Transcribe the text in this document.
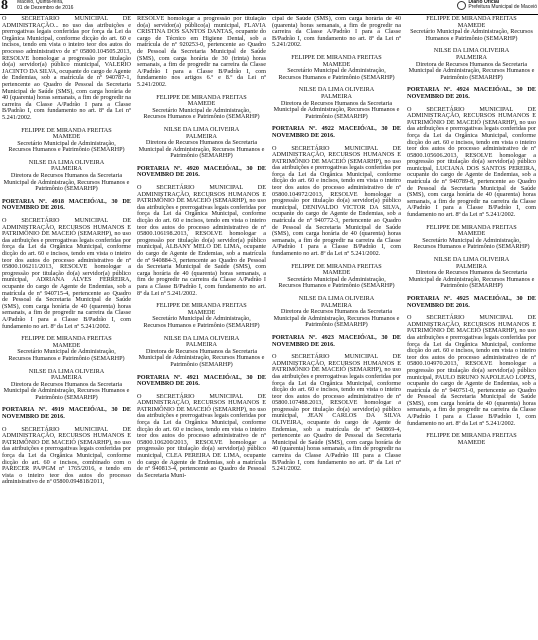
8 Maceió, Quinta-feira,
01 de Dezembro de 2016
Diário Oficial
Prefeitura Municipal de Maceió

O SECRETÁRIO MUNICIPAL DE ADMINISTRAÇÃO... no uso das atribuições e prerrogativas legais conferidas por força da Lei da Orgânica Municipal, conforme dicção do art. 60 e incisos, tendo em vista o inteiro teor dos autos do processo administrativo de nº 05800.104505.2013, RESOLVE homologar a progressão por titulação do(a) servidor(a) público municipal, VALERIO JACINTO DA SILVA, ocupante do cargo de Agente de Endemias, sob a matrícula de nº 940787-1, pertencente ao Quadro de Pessoal da Secretaria Municipal de Saúde (SMS), com carga horária de 40 (quarenta) horas semanais, a fim de progredir na carreira da Classe A/Padrão I para a Classe B/Padrão I, com fundamento no art. 8º da Lei nº 5.241/2002.

FELIPPE DE MIRANDA FREITAS
MAMEDE
Secretário Municipal de Administração,
Recursos Humanos e Patrimônio (SEMARHP)
NILSE DA LIMA OLIVEIRA
PALMEIRA
Diretora de Recursos Humanos da Secretaria Municipal de Administração, Recursos Humanos e Patrimônio (SEMARHP)
PORTARIA Nº. 4918 MACEIÓ/AL, 30 DE NOVEMBRO DE 2016.

O SECRETÁRIO MUNICIPAL DE ADMINISTRAÇÃO, RECURSOS HUMANOS E PATRIMÔNIO DE MACEIÓ (SEMARHP), no uso das atribuições e prerrogativas legais conferidas por força da Lei da Orgânica Municipal, conforme dicção do art. 60 e incisos, tendo em vista o inteiro teor dos autos do processo administrativo de nº 05800.106211/2013, RESOLVE homologar a progressão por titulação do(a) servidor(a) público municipal, ADRIANA ALVES FERREIRA, ocupante do cargo de Agente de Endemias, sob a matrícula de nº 940715-4, pertencente ao Quadro de Pessoal da Secretaria Municipal de Saúde (SMS), com carga horária de 40 (quarenta) horas semanais, a fim de progredir na carreira da Classe A/Padrão I para a Classe B/Padrão I, com fundamento no art. 8º da Lei nº 5.241/2002.

FELIPPE DE MIRANDA FREITAS
MAMEDE
Secretário Municipal de Administração,
Recursos Humanos e Patrimônio (SEMARHP)
NILSE DA LIMA OLIVEIRA
PALMEIRA
Diretora de Recursos Humanos da Secretaria Municipal de Administração, Recursos Humanos e Patrimônio (SEMARHP)
PORTARIA Nº. 4919 MACEIÓ/AL, 30 DE NOVEMBRO DE 2016.

O SECRETÁRIO MUNICIPAL DE ADMINISTRAÇÃO, RECURSOS HUMANOS E PATRIMÔNIO DE MACEIÓ (SEMARHP), no uso das atribuições e prerrogativas legais conferidas por força da Lei da Orgânica Municipal, conforme dicção do art. 60 e incisos, combinado com o PARECER PA/PGM nº 1765/2016, e tendo em vista o inteiro teor dos autos do processo administrativo de nº 05800.094818/2011,

RESOLVE homologar a progressão por titulação do(a) servidor(a) público(a) municipal, FLAVIA CRISTINA DOS SANTOS DANTAS, ocupante do cargo de Técnico em Higiene Dental, sob a matrícula de nº 920253-0, pertencente ao Quadro de Pessoal da Secretaria Municipal de Saúde (SMS), com carga horária de 30 (trinta) horas semanais, a fim de progredir na carreira da Classe A/Padrão I para a Classe B/Padrão I, com fundamento nos artigos 6.º e 8.º da Lei nº 5.241/2002.

FELIPPE DE MIRANDA FREITAS
MAMEDE
Secretário Municipal de Administração,
Recursos Humanos e Patrimônio (SEMARHP)
NILSE DA LIMA OLIVEIRA
PALMEIRA
Diretora de Recursos Humanos da Secretaria Municipal de Administração, Recursos Humanos e Patrimônio (SEMARHP)
PORTARIA Nº. 4920 MACEIÓ/AL, 30 DE NOVEMBRO DE 2016.

O SECRETÁRIO MUNICIPAL DE ADMINISTRAÇÃO, RECURSOS HUMANOS E PATRIMÔNIO DE MACEIÓ (SEMARHP), no uso das atribuições e prerrogativas legais conferidas por força da Lei da Orgânica Municipal, conforme dicção do art. 60 e incisos, tendo em vista o inteiro teor dos autos do processo administrativo de nº 05800.106198.2013, RESOLVE homologar a progressão por titulação do(a) servidor(a) público municipal, ALBANY MELO DE LIMA, ocupante do cargo de Agente de Endemias, sob a matrícula de nº 940884-3, pertencente ao Quadro de Pessoal da Secretaria Municipal de Saúde (SMS), com carga horária de 40 (quarenta) horas semanais, a fim de progredir na carreira da Classe A/Padrão I para a Classe B/Padrão I, com fundamento no art. 8º da Lei nº 5.241/2002.

FELIPPE DE MIRANDA FREITAS
MAMEDE
Secretário Municipal de Administração,
Recursos Humanos e Patrimônio (SEMARHP)
NILSE DA LIMA OLIVEIRA
PALMEIRA
Diretora de Recursos Humanos da Secretaria Municipal de Administração, Recursos Humanos e Patrimônio (SEMARHP)
PORTARIA Nº. 4921 MACEIÓ/AL, 30 DE NOVEMBRO DE 2016.

O SECRETÁRIO MUNICIPAL DE ADMINISTRAÇÃO, RECURSOS HUMANOS E PATRIMÔNIO DE MACEIÓ (SEMARHP), no uso das atribuições e prerrogativas legais conferidas por força da Lei da Orgânica Municipal, conforme dicção do art. 60 e incisos, tendo em vista o inteiro teor dos autos do processo administrativo de nº 05800.106200/2013, RESOLVE homologar a progressão por titulação do(a) servidor(a) público municipal, CLEA PEREIRA DE LIMA, ocupante do cargo de Agente de Endemias, sob a matrícula de nº 940813-4, pertencente ao Quadro de Pessoal da Secretaria Muni-

cipal de Saúde (SMS), com carga horária de 40 (quarenta) horas semanais, a fim de progredir na carreira da Classe A/Padrão I para a Classe B/Padrão I, com fundamento no art. 8º da Lei nº 5.241/2002.

FELIPPE DE MIRANDA FREITAS
MAMEDE
Secretário Municipal de Administração,
Recursos Humanos e Patrimônio (SEMARHP)
NILSE DA LIMA OLIVEIRA
PALMEIRA
Diretora de Recursos Humanos da Secretaria Municipal de Administração, Recursos Humanos e Patrimônio (SEMARHP)
PORTARIA Nº. 4922 MACEIÓ/AL, 30 DE NOVEMBRO DE 2016.

O SECRETÁRIO MUNICIPAL DE ADMINISTRAÇÃO, RECURSOS HUMANOS E PATRIMÔNIO DE MACEIÓ (SEMARHP), no uso das atribuições e prerrogativas legais conferidas por força da Lei da Orgânica Municipal, conforme dicção do art. 60 e incisos, tendo em vista o inteiro teor dos autos do processo administrativo de nº 05800.104972/2013, RESOLVE homologar a progressão por titulação do(a) servidor(a) público municipal, DENIVALDO VICTOR DA SILVA, ocupante do cargo de Agente de Endemias, sob a matrícula de nº 940772-3, pertencente ao Quadro de Pessoal da Secretaria Municipal de Saúde (SMS), com carga horária de 40 (quarenta) horas semanais, a fim de progredir na carreira da Classe A/Padrão I para a Classe B/Padrão I, com fundamento no art. 8º da Lei nº 5.241/2002.

FELIPPE DE MIRANDA FREITAS
MAMEDE
Secretário Municipal de Administração,
Recursos Humanos e Patrimônio (SEMARHP)
NILSE DA LIMA OLIVEIRA
PALMEIRA
Diretora de Recursos Humanos da Secretaria Municipal de Administração, Recursos Humanos e Patrimônio (SEMARHP)
PORTARIA Nº. 4923 MACEIÓ/AL, 30 DE NOVEMBRO DE 2016.

O SECRETÁRIO MUNICIPAL DE ADMINISTRAÇÃO, RECURSOS HUMANOS E PATRIMÔNIO DE MACEIÓ (SEMARHP), no uso das atribuições e prerrogativas legais conferidas por força da Lei da Orgânica Municipal, conforme dicção do art. 60 e incisos, tendo em vista o inteiro teor dos autos do processo administrativo de nº 05800.107488.2013, RESOLVE homologar a progressão por titulação do(a) servidor(a) público municipal, JEAN CARLOS DA SILVA OLIVEIRA, ocupante do cargo de Agente de Endemias, sob a matrícula de nº 940869-4, pertencente ao Quadro de Pessoal da Secretaria Municipal de Saúde (SMS), com carga horária de 40 (quarenta) horas semanais, a fim de progredir na carreira da Classe A/Padrão III para a Classe B/Padrão I, com fundamento no art. 8º da Lei nº 5.241/2002.

FELIPPE DE MIRANDA FREITAS
MAMEDE
Secretário Municipal de Administração, Recursos Humanos e Patrimônio (SEMARHP)
NILSE DA LIMA OLIVEIRA
PALMEIRA
Diretora de Recursos Humanos da Secretaria Municipal de Administração, Recursos Humanos e Patrimônio (SEMARHP)
PORTARIA Nº. 4924 MACEIÓ/AL, 30 DE NOVEMBRO DE 2016.

O SECRETÁRIO MUNICIPAL DE ADMINISTRAÇÃO, RECURSOS HUMANOS E PATRIMÔNIO DE MACEIÓ (SEMARHP), no uso das atribuições e prerrogativas legais conferidas por força da Lei da Orgânica Municipal, conforme dicção do art. 60 e incisos, tendo em vista o inteiro teor dos autos do processo administrativo de nº 05800.105606.2013, RESOLVE homologar a progressão por titulação do(a) servidor(a) público municipal, LUCIANA DOS SANTOS PEREIRA, ocupante do cargo de Agente de Endemias, sob a matrícula de nº 940789-8, pertencente ao Quadro de Pessoal da Secretaria Municipal de Saúde (SMS), com carga horária de 40 (quarenta) horas semanais, a fim de progredir na carreira da Classe A/Padrão I para a Classe B/Padrão I, com fundamento no art. 8º da Lei nº 5.241/2002.

FELIPPE DE MIRANDA FREITAS
MAMEDE
Secretário Municipal de Administração,
Recursos Humanos e Patrimônio (SEMARHP)
NILSE DA LIMA OLIVEIRA
PALMEIRA
Diretora de Recursos Humanos da Secretaria Municipal de Administração, Recursos Humanos e Patrimônio (SEMARHP)
PORTARIA Nº. 4925 MACEIÓ/AL, 30 DE NOVEMBRO DE 2016.

O SECRETÁRIO MUNICIPAL DE ADMINISTRAÇÃO, RECURSOS HUMANOS E PATRIMÔNIO DE MACEIÓ (SEMARHP), no uso das atribuições e prerrogativas legais conferidas por força da Lei da Orgânica Municipal, conforme dicção do art. 60 e incisos, tendo em vista o inteiro teor dos autos do processo administrativo de nº 05800.104970.2013, RESOLVE homologar a progressão por titulação do(a) servidor(a) público municipal, PAULO BRUNO NAPOLEAO LOPES, ocupante do cargo de Agente de Endemias, sob a matrícula de nº 940751-0, pertencente ao Quadro de Pessoal da Secretaria Municipal de Saúde (SMS), com carga horária de 40 (quarenta) horas semanais, a fim de progredir na carreira da Classe A/Padrão I para a Classe B/Padrão I, com fundamento no art. 8º da Lei nº 5.241/2002.

FELIPPE DE MIRANDA FREITAS
MAMEDE
